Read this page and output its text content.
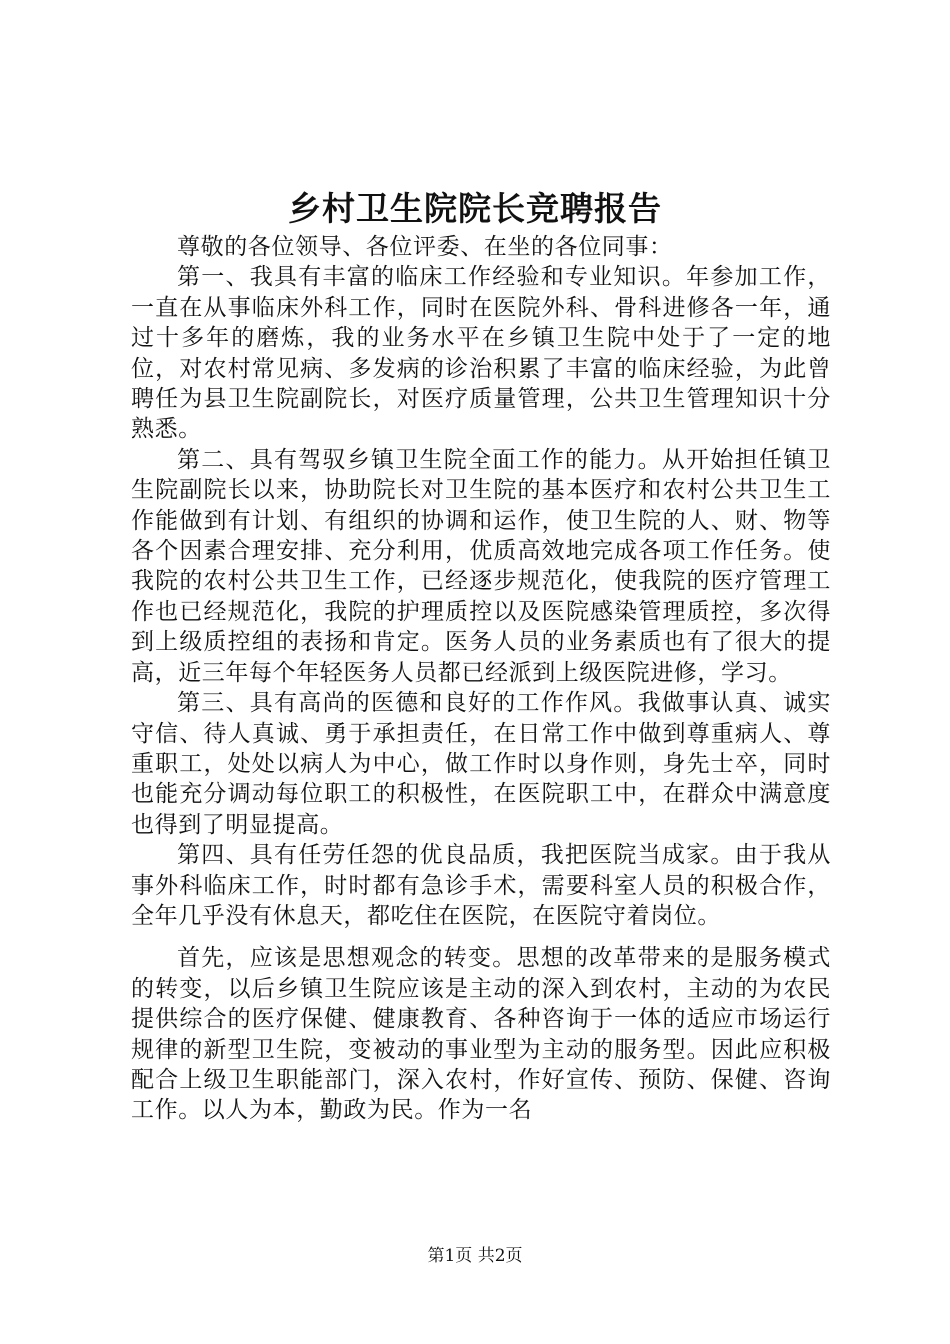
乡村卫生院院长竞聘报告

尊敬的各位领导、各位评委、在坐的各位同事：

第一、我具有丰富的临床工作经验和专业知识。年参加工作，一直在从事临床外科工作，同时在医院外科、骨科进修各一年，通过十多年的磨炼，我的业务水平在乡镇卫生院中处于了一定的地位，对农村常见病、多发病的诊治积累了丰富的临床经验，为此曾聘任为县卫生院副院长，对医疗质量管理，公共卫生管理知识十分熟悉。

第二、具有驾驭乡镇卫生院全面工作的能力。从开始担任镇卫生院副院长以来，协助院长对卫生院的基本医疗和农村公共卫生工作能做到有计划、有组织的协调和运作，使卫生院的人、财、物等各个因素合理安排、充分利用，优质高效地完成各项工作任务。使我院的农村公共卫生工作，已经逐步规范化，使我院的医疗管理工作也已经规范化，我院的护理质控以及医院感染管理质控，多次得到上级质控组的表扬和肯定。医务人员的业务素质也有了很大的提高，近三年每个年轻医务人员都已经派到上级医院进修，学习。

第三、具有高尚的医德和良好的工作作风。我做事认真、诚实守信、待人真诚、勇于承担责任，在日常工作中做到尊重病人、尊重职工，处处以病人为中心，做工作时以身作则，身先士卒，同时也能充分调动每位职工的积极性，在医院职工中，在群众中满意度也得到了明显提高。

第四、具有任劳任怨的优良品质，我把医院当成家。由于我从事外科临床工作，时时都有急诊手术，需要科室人员的积极合作，全年几乎没有休息天，都吃住在医院，在医院守着岗位。

首先，应该是思想观念的转变。思想的改革带来的是服务模式的转变，以后乡镇卫生院应该是主动的深入到农村，主动的为农民提供综合的医疗保健、健康教育、各种咨询于一体的适应市场运行规律的新型卫生院，变被动的事业型为主动的服务型。因此应积极配合上级卫生职能部门，深入农村，作好宣传、预防、保健、咨询工作。以人为本，勤政为民。作为一名

第1页 共2页
